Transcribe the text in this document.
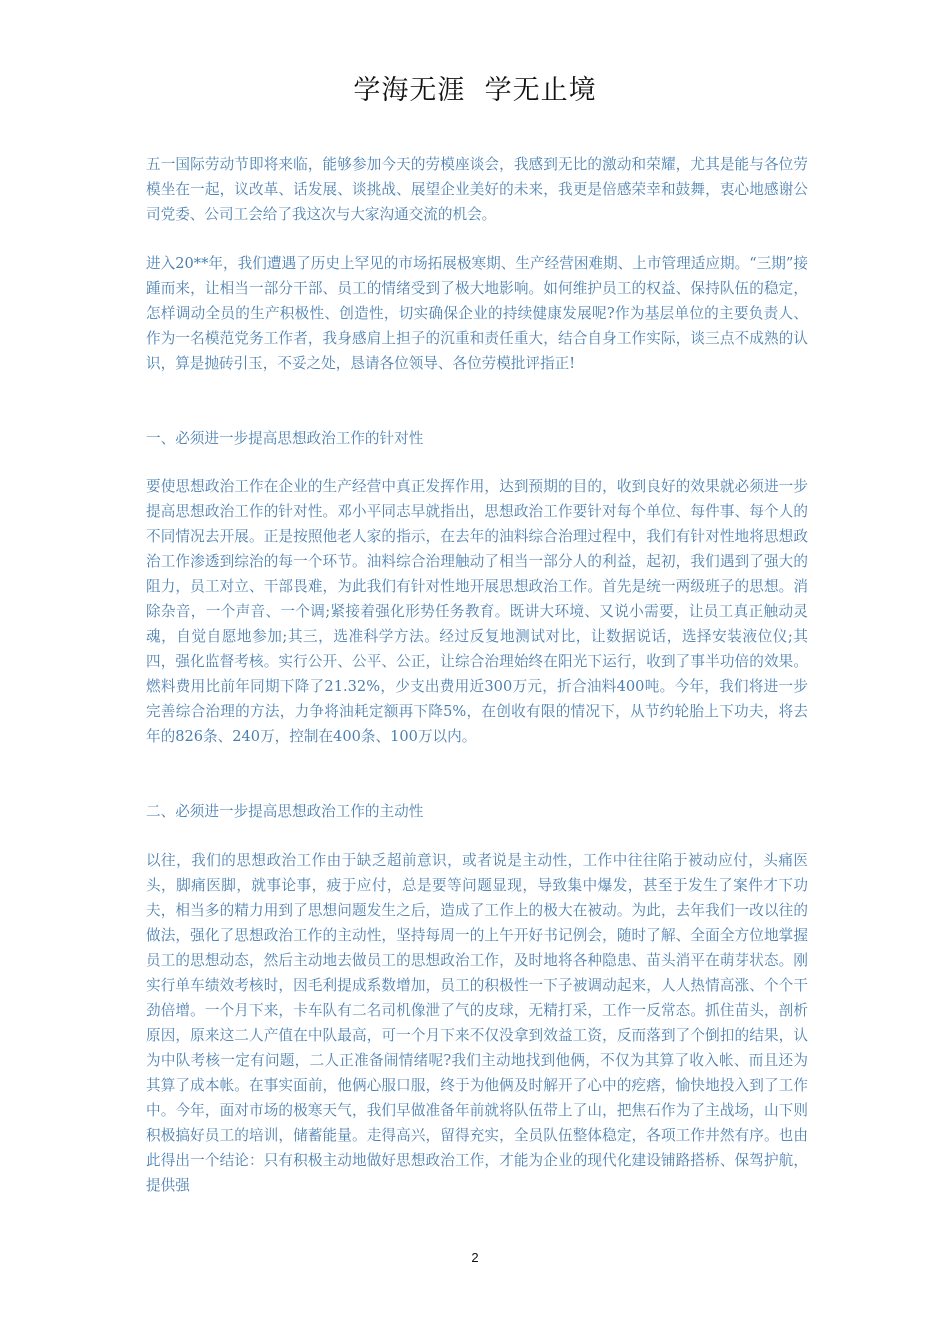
学海无涯  学无止境

五一国际劳动节即将来临，能够参加今天的劳模座谈会，我感到无比的激动和荣耀，尤其是能与各位劳模坐在一起，议改革、话发展、谈挑战、展望企业美好的未来，我更是倍感荣幸和鼓舞，衷心地感谢公司党委、公司工会给了我这次与大家沟通交流的机会。

进入20**年，我们遭遇了历史上罕见的市场拓展极寒期、生产经营困难期、上市管理适应期。“三期”接踵而来，让相当一部分干部、员工的情绪受到了极大地影响。如何维护员工的权益、保持队伍的稳定，怎样调动全员的生产积极性、创造性，切实确保企业的持续健康发展呢?作为基层单位的主要负责人、作为一名模范党务工作者，我身感肩上担子的沉重和责任重大，结合自身工作实际，谈三点不成熟的认识，算是抛砖引玉，不妥之处，恳请各位领导、各位劳模批评指正!

一、必须进一步提高思想政治工作的针对性

要使思想政治工作在企业的生产经营中真正发挥作用，达到预期的目的，收到良好的效果就必须进一步提高思想政治工作的针对性。邓小平同志早就指出，思想政治工作要针对每个单位、每件事、每个人的不同情况去开展。正是按照他老人家的指示，在去年的油料综合治理过程中，我们有针对性地将思想政治工作渗透到综治的每一个环节。油料综合治理触动了相当一部分人的利益，起初，我们遇到了强大的阻力，员工对立、干部畏难，为此我们有针对性地开展思想政治工作。首先是统一两级班子的思想。消除杂音，一个声音、一个调;紧接着强化形势任务教育。既讲大环境、又说小需要，让员工真正触动灵魂，自觉自愿地参加;其三，选准科学方法。经过反复地测试对比，让数据说话，选择安装液位仪;其四，强化监督考核。实行公开、公平、公正，让综合治理始终在阳光下运行，收到了事半功倍的效果。燃料费用比前年同期下降了21.32%，少支出费用近300万元，折合油料400吨。今年，我们将进一步完善综合治理的方法，力争将油耗定额再下降5%，在创收有限的情况下，从节约轮胎上下功夫，将去年的826条、240万，控制在400条、100万以内。

二、必须进一步提高思想政治工作的主动性

以往，我们的思想政治工作由于缺乏超前意识，或者说是主动性，工作中往往陷于被动应付，头痛医头，脚痛医脚，就事论事，疲于应付，总是要等问题显现，导致集中爆发，甚至于发生了案件才下功夫，相当多的精力用到了思想问题发生之后，造成了工作上的极大在被动。为此，去年我们一改以往的做法，强化了思想政治工作的主动性，坚持每周一的上午开好书记例会，随时了解、全面全方位地掌握员工的思想动态，然后主动地去做员工的思想政治工作，及时地将各种隐患、苗头消平在萌芽状态。刚实行单车绩效考核时，因毛利提成系数增加，员工的积极性一下子被调动起来，人人热情高涨、个个干劲倍增。一个月下来，卡车队有二名司机像泄了气的皮球，无精打采，工作一反常态。抓住苗头，剖析原因，原来这二人产值在中队最高，可一个月下来不仅没拿到效益工资，反而落到了个倒扣的结果，认为中队考核一定有问题，二人正准备闹情绪呢?我们主动地找到他俩，不仅为其算了收入帐、而且还为其算了成本帐。在事实面前，他俩心服口服，终于为他俩及时解开了心中的疙瘩，愉快地投入到了工作中。今年，面对市场的极寒天气，我们早做准备年前就将队伍带上了山，把焦石作为了主战场，山下则积极搞好员工的培训，储蓄能量。走得高兴，留得充实，全员队伍整体稳定，各项工作井然有序。也由此得出一个结论：只有积极主动地做好思想政治工作，才能为企业的现代化建设铺路搭桥、保驾护航，提供强

2
